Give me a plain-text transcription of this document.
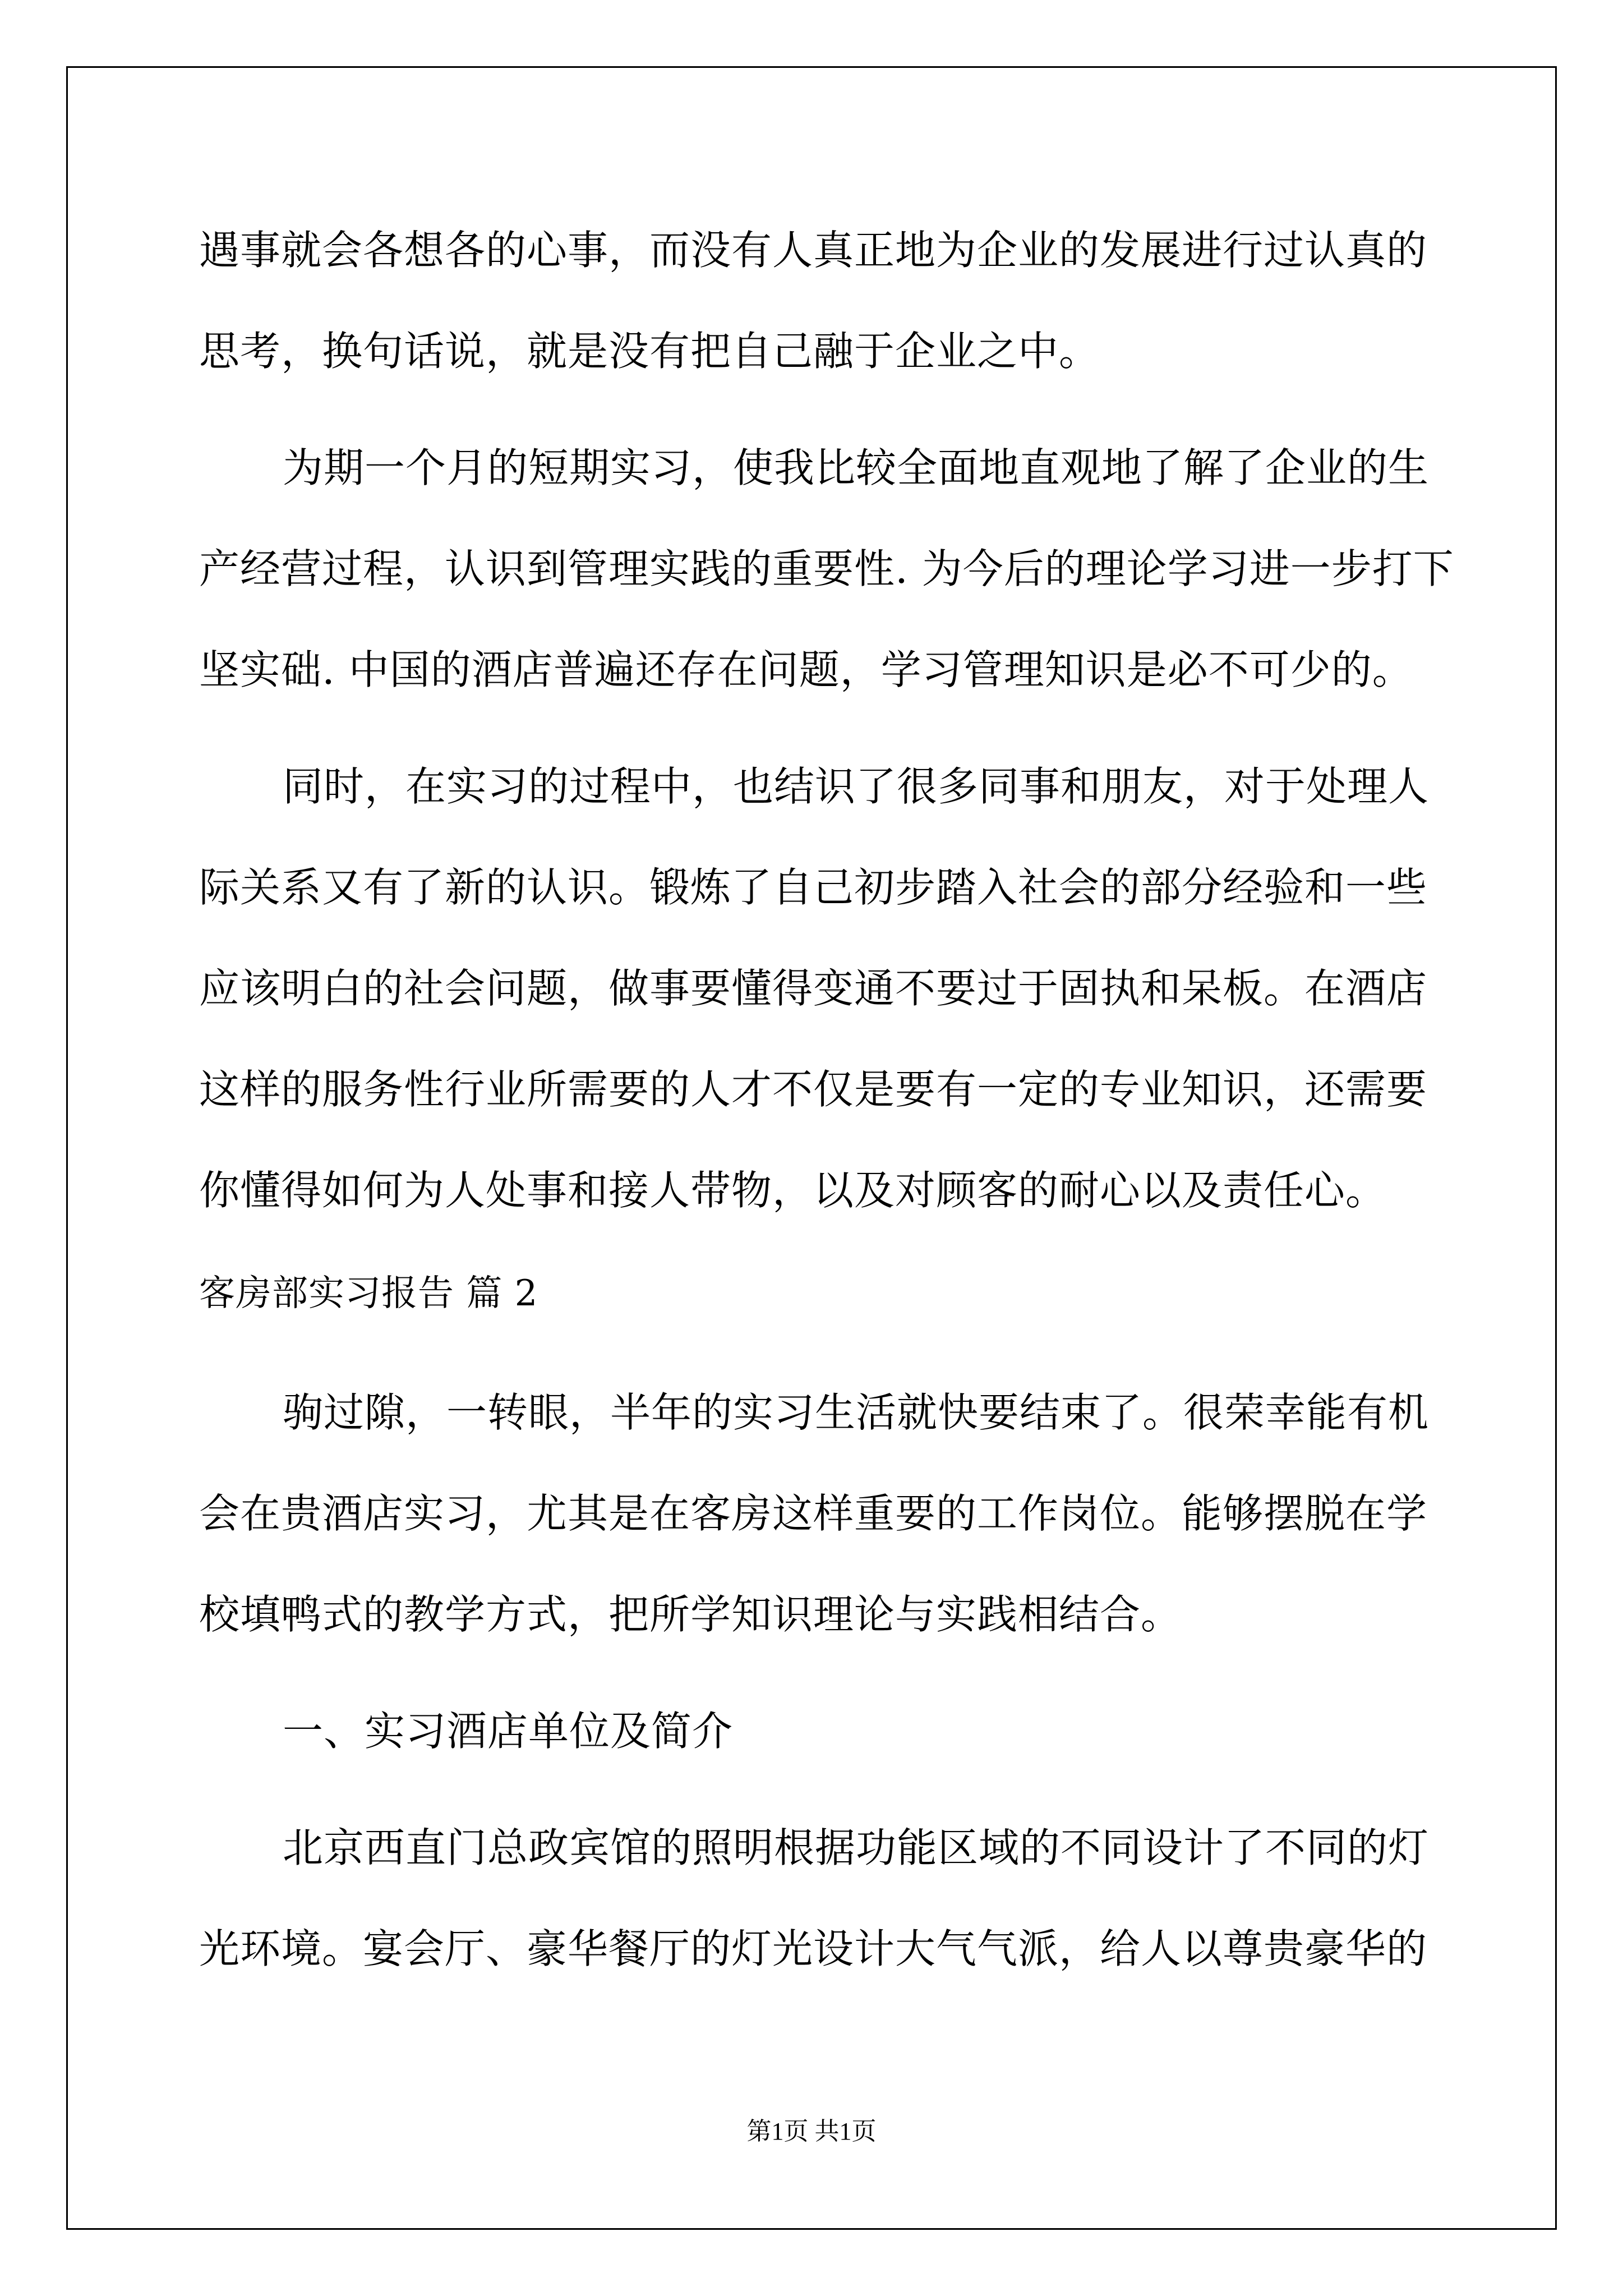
遇事就会各想各的心事，而没有人真正地为企业的发展进行过认真的
思考，换句话说，就是没有把自己融于企业之中。
为期一个月的短期实习，使我比较全面地直观地了解了企业的生
产经营过程，认识到管理实践的重要性. 为今后的理论学习进一步打下
坚实础. 中国的酒店普遍还存在问题，学习管理知识是必不可少的。
同时，在实习的过程中，也结识了很多同事和朋友，对于处理人
际关系又有了新的认识。锻炼了自己初步踏入社会的部分经验和一些
应该明白的社会问题，做事要懂得变通不要过于固执和呆板。在酒店
这样的服务性行业所需要的人才不仅是要有一定的专业知识，还需要
你懂得如何为人处事和接人带物，以及对顾客的耐心以及责任心。
客房部实习报告 篇 2
驹过隙，一转眼，半年的实习生活就快要结束了。很荣幸能有机
会在贵酒店实习，尤其是在客房这样重要的工作岗位。能够摆脱在学
校填鸭式的教学方式，把所学知识理论与实践相结合。
一、实习酒店单位及简介
北京西直门总政宾馆的照明根据功能区域的不同设计了不同的灯
光环境。宴会厅、豪华餐厅的灯光设计大气气派，给人以尊贵豪华的
第1页 共1页
